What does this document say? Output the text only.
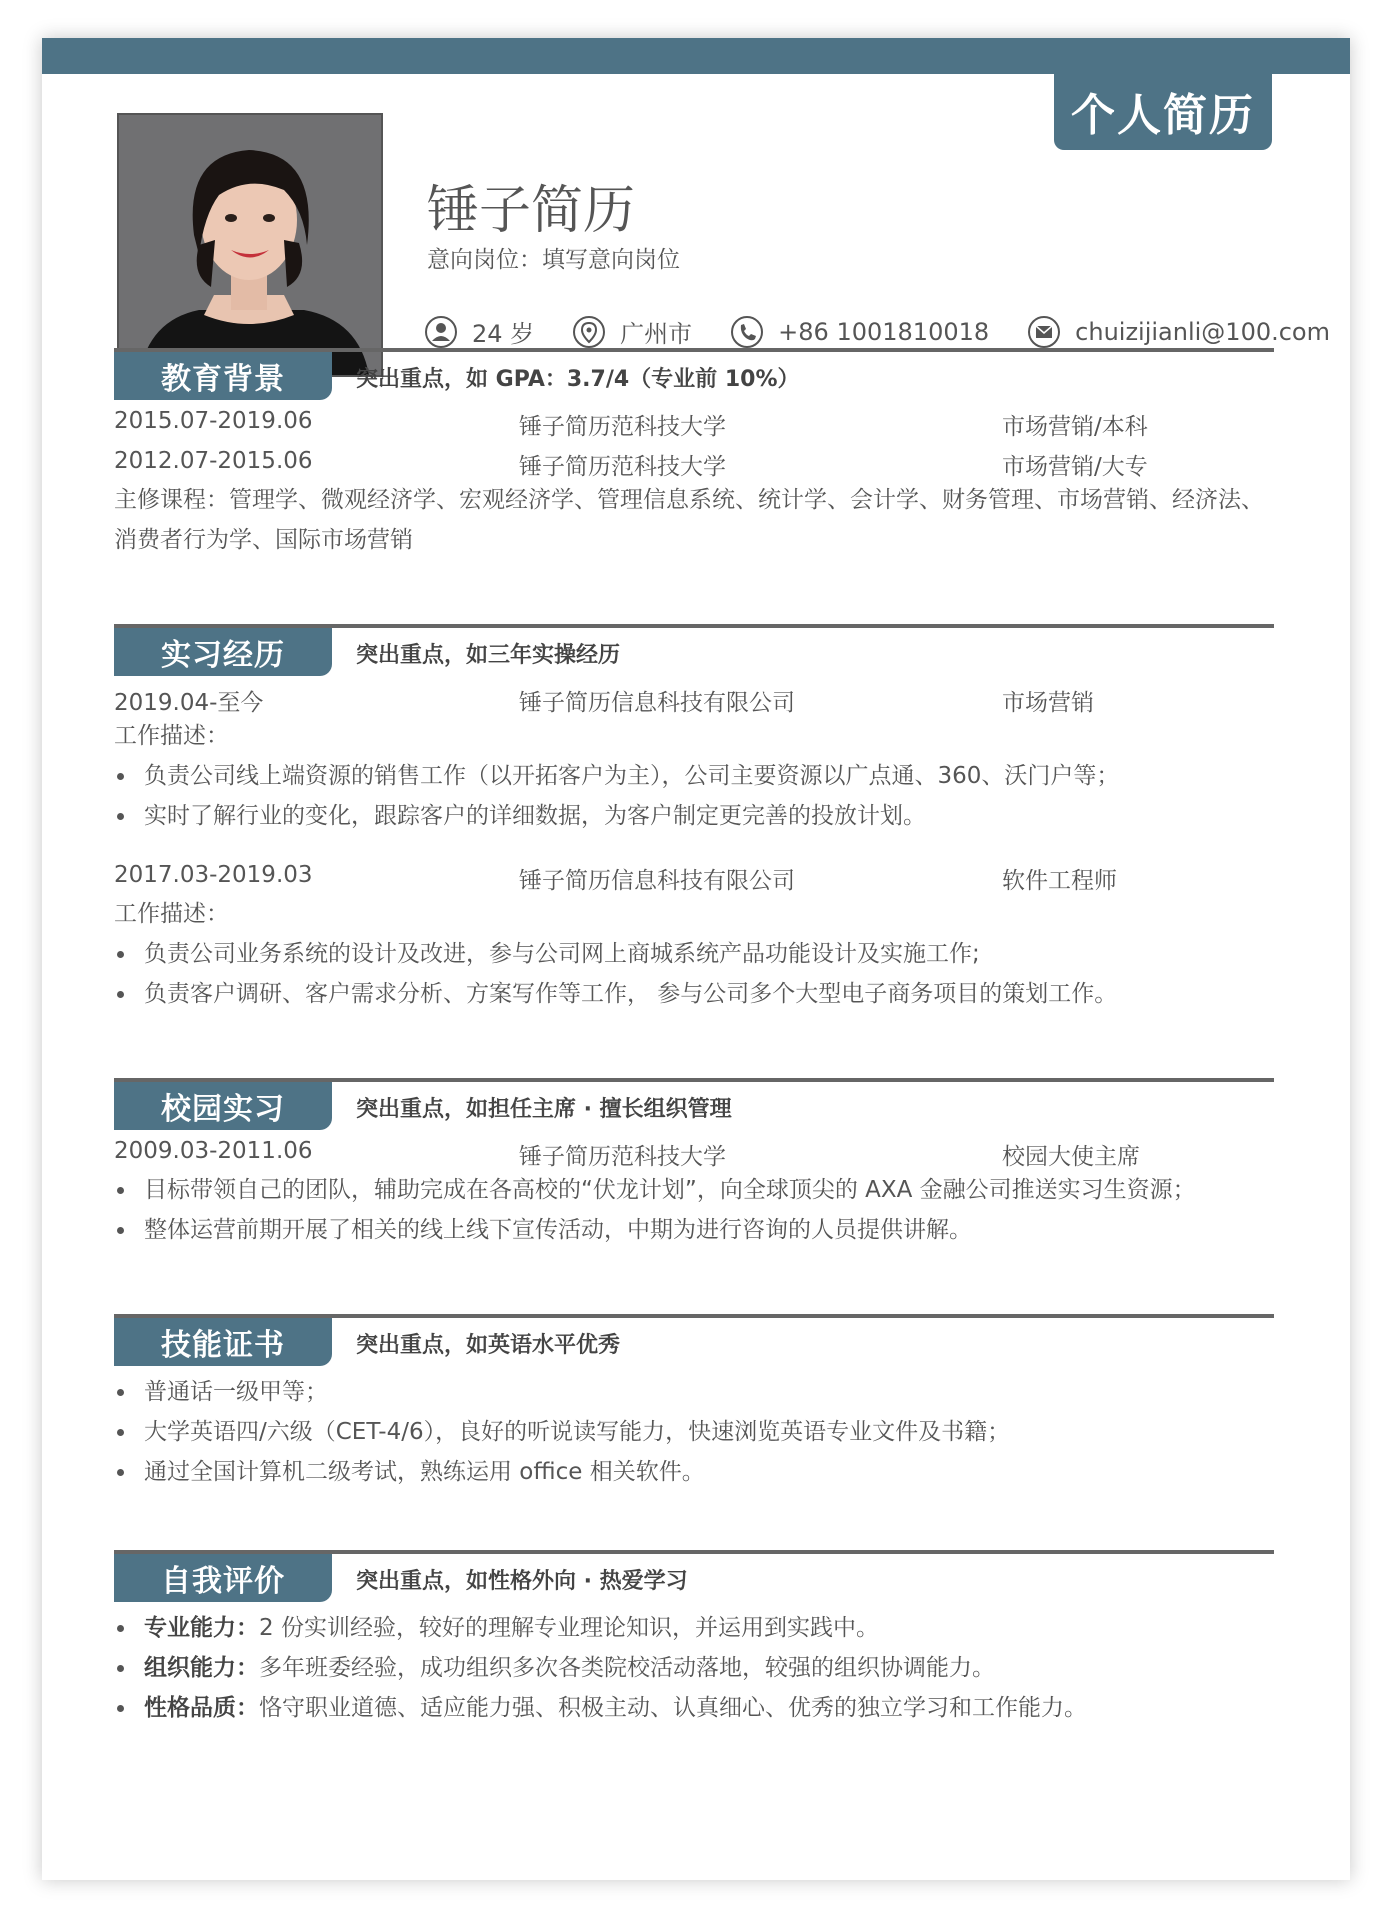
个人简历
锤子简历
意向岗位：填写意向岗位
24 岁	广州市	+86 1001810018	chuizijianli@100.com
教育背景	突出重点，如 GPA：3.7/4（专业前 10%）
2015.07-2019.06	锤子简历范科技大学	市场营销/本科
2012.07-2015.06	锤子简历范科技大学	市场营销/大专
主修课程：管理学、微观经济学、宏观经济学、管理信息系统、统计学、会计学、财务管理、市场营销、经济法、消费者行为学、国际市场营销
实习经历	突出重点，如三年实操经历
2019.04-至今	锤子简历信息科技有限公司	市场营销
工作描述：
负责公司线上端资源的销售工作（以开拓客户为主），公司主要资源以广点通、360、沃门户等；
实时了解行业的变化，跟踪客户的详细数据，为客户制定更完善的投放计划。
2017.03-2019.03	锤子简历信息科技有限公司	软件工程师
工作描述：
负责公司业务系统的设计及改进，参与公司网上商城系统产品功能设计及实施工作;
负责客户调研、客户需求分析、方案写作等工作， 参与公司多个大型电子商务项目的策划工作。
校园实习	突出重点，如担任主席 · 擅长组织管理
2009.03-2011.06	锤子简历范科技大学	校园大使主席
目标带领自己的团队，辅助完成在各高校的“伏龙计划”，向全球顶尖的 AXA 金融公司推送实习生资源；
整体运营前期开展了相关的线上线下宣传活动，中期为进行咨询的人员提供讲解。
技能证书	突出重点，如英语水平优秀
普通话一级甲等；
大学英语四/六级（CET-4/6），良好的听说读写能力，快速浏览英语专业文件及书籍；
通过全国计算机二级考试，熟练运用 office 相关软件。
自我评价	突出重点，如性格外向 · 热爱学习
专业能力：2 份实训经验，较好的理解专业理论知识，并运用到实践中。
组织能力：多年班委经验，成功组织多次各类院校活动落地，较强的组织协调能力。
性格品质：恪守职业道德、适应能力强、积极主动、认真细心、优秀的独立学习和工作能力。
